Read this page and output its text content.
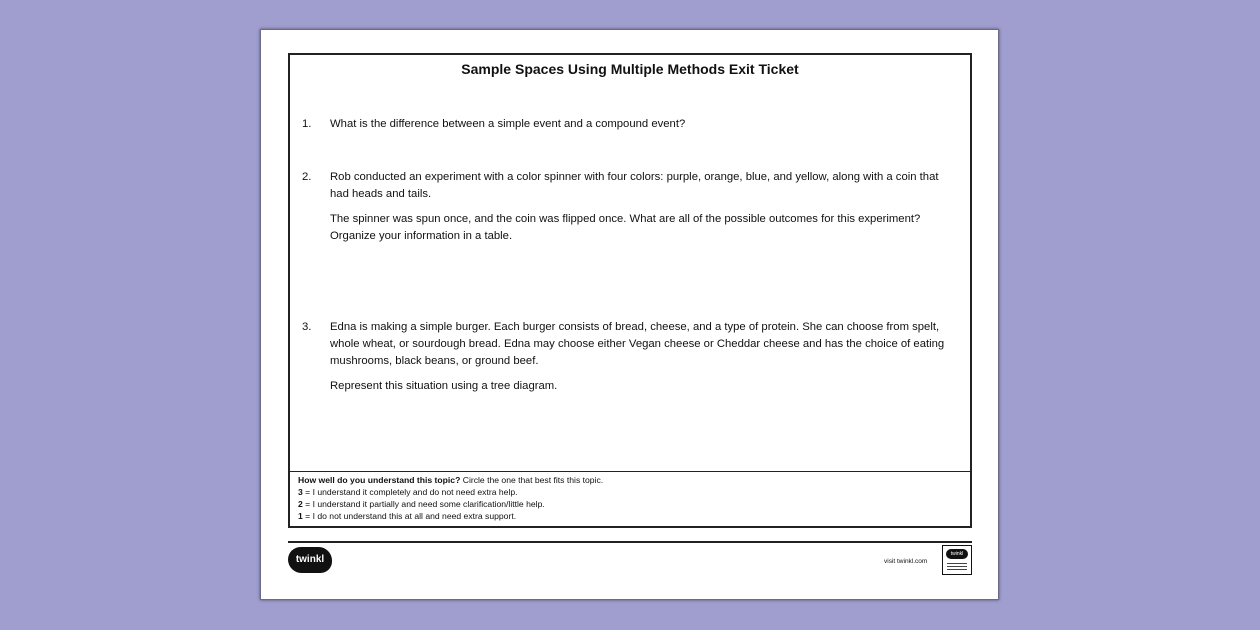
Sample Spaces Using Multiple Methods Exit Ticket
1.	What is the difference between a simple event and a compound event?

2.	Rob conducted an experiment with a color spinner with four colors: purple, orange, blue, and yellow, along with a coin that had heads and tails.

The spinner was spun once, and the coin was flipped once. What are all of the possible outcomes for this experiment? Organize your information in a table.

3.	Edna is making a simple burger. Each burger consists of bread, cheese, and a type of protein. She can choose from spelt, whole wheat, or sourdough bread. Edna may choose either Vegan cheese or Cheddar cheese and has the choice of eating mushrooms, black beans, or ground beef.

Represent this situation using a tree diagram.

How well do you understand this topic? Circle the one that best fits this topic.
3 = I understand it completely and do not need extra help.
2 = I understand it partially and need some clarification/little help.
1 = I do not understand this at all and need extra support.
twinkl	visit twinkl.com
twinkl
